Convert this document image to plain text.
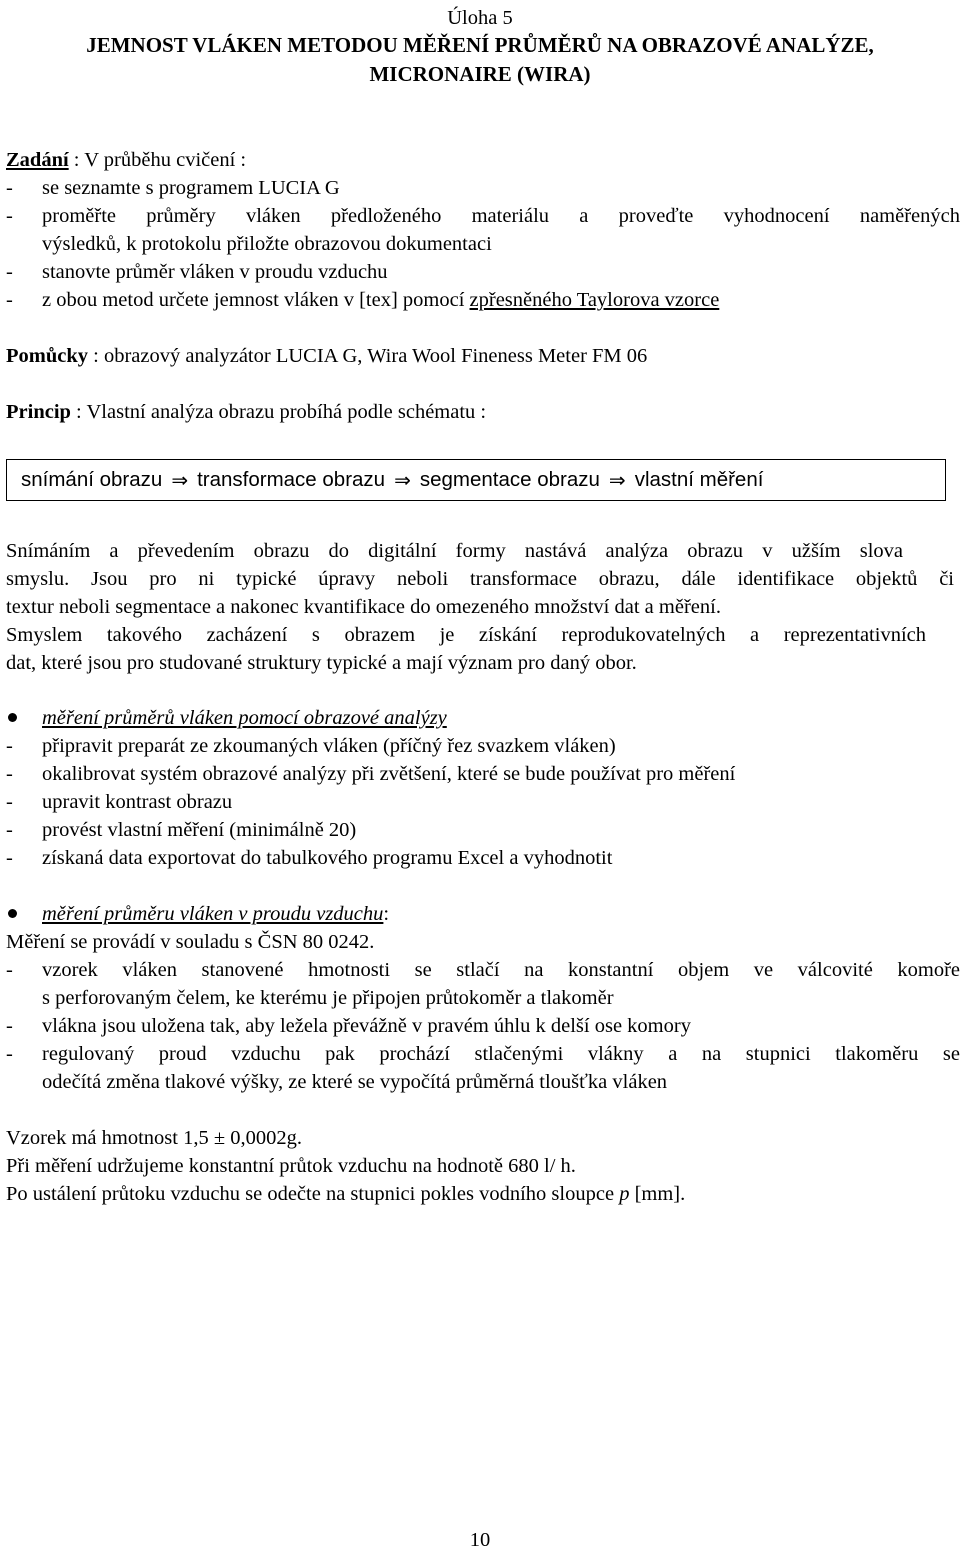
Úloha 5
JEMNOST VLÁKEN METODOU MĚŘENÍ PRŮMĚRŮ NA OBRAZOVÉ ANALÝZE,
MICRONAIRE (WIRA)
Zadání : V průběhu cvičení :
- se seznamte s programem LUCIA G
- proměřte průměry vláken předloženého materiálu a proveďte vyhodnocení naměřených
výsledků, k protokolu přiložte obrazovou dokumentaci
- stanovte průměr vláken v proudu vzduchu
- z obou metod určete jemnost vláken v [tex] pomocí zpřesněného Taylorova vzorce
Pomůcky : obrazový analyzátor LUCIA G, Wira Wool Fineness Meter FM 06
Princip : Vlastní analýza obrazu probíhá podle schématu :
snímání obrazu ⇒ transformace obrazu ⇒ segmentace obrazu ⇒ vlastní měření
Snímáním a převedením obrazu do digitální formy nastává analýza obrazu v užším slova
smyslu. Jsou pro ni typické úpravy neboli transformace obrazu, dále identifikace objektů či
textur neboli segmentace a nakonec kvantifikace do omezeného množství dat a měření.
Smyslem takového zacházení s obrazem je získání reprodukovatelných a reprezentativních
dat, které jsou pro studované struktury typické a mají význam pro daný obor.
měření průměrů vláken pomocí obrazové analýzy
- připravit preparát ze zkoumaných vláken (příčný řez svazkem vláken)
- okalibrovat systém obrazové analýzy při zvětšení, které se bude používat pro měření
- upravit kontrast obrazu
- provést vlastní měření (minimálně 20)
- získaná data exportovat do tabulkového programu Excel a vyhodnotit
měření průměru vláken v proudu vzduchu:
Měření se provádí v souladu s ČSN 80 0242.
- vzorek vláken stanovené hmotnosti se stlačí na konstantní objem ve válcovité komoře
s perforovaným čelem, ke kterému je připojen průtokoměr a tlakoměr
- vlákna jsou uložena tak, aby ležela převážně v pravém úhlu k delší ose komory
- regulovaný proud vzduchu pak prochází stlačenými vlákny a na stupnici tlakoměru se
odečítá změna tlakové výšky, ze které se vypočítá průměrná tloušťka vláken
Vzorek má hmotnost 1,5 ± 0,0002g.
Při měření udržujeme konstantní průtok vzduchu na hodnotě 680 l/ h.
Po ustálení průtoku vzduchu se odečte na stupnici pokles vodního sloupce p [mm].
10
